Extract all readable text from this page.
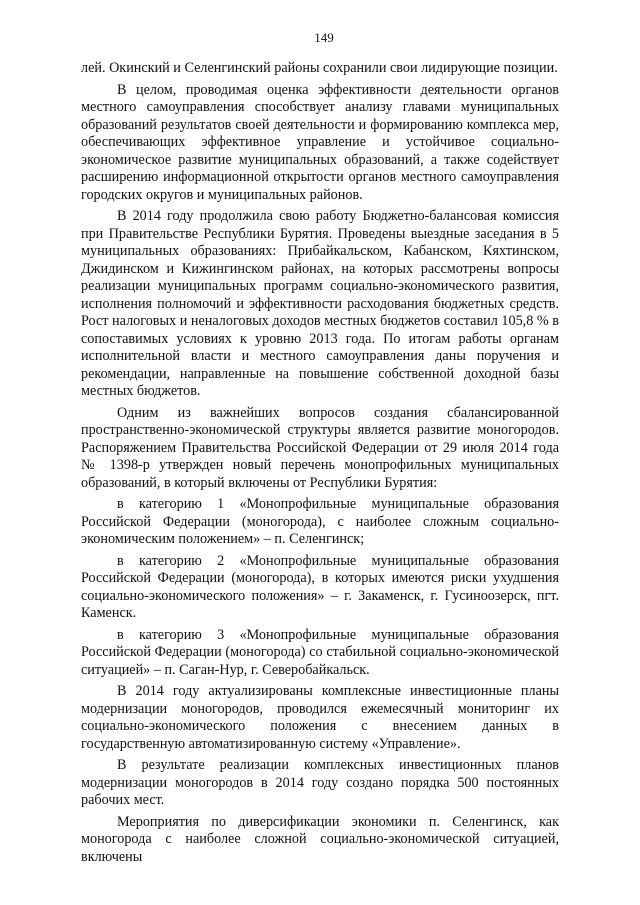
149

лей. Окинский и Селенгинский районы сохранили свои лидирующие позиции.

В целом, проводимая оценка эффективности деятельности органов местного самоуправления способствует анализу главами муниципальных образований результатов своей деятельности и формированию комплекса мер, обеспечивающих эффективное управление и устойчивое социально-экономическое развитие муниципальных образований, а также содействует расширению информационной открытости органов местного самоуправления городских округов и муниципальных районов.

В 2014 году продолжила свою работу Бюджетно-балансовая комиссия при Правительстве Республики Бурятия. Проведены выездные заседания в 5 муниципальных образованиях: Прибайкальском, Кабанском, Кяхтинском, Джидинском и Кижингинском районах, на которых рассмотрены вопросы реализации муниципальных программ социально-экономического развития, исполнения полномочий и эффективности расходования бюджетных средств. Рост налоговых и неналоговых доходов местных бюджетов составил 105,8 % в сопоставимых условиях к уровню 2013 года. По итогам работы органам исполнительной власти и местного самоуправления даны поручения и рекомендации, направленные на повышение собственной доходной базы местных бюджетов.

Одним из важнейших вопросов создания сбалансированной пространственно-экономической структуры является развитие моногородов. Распоряжением Правительства Российской Федерации от 29 июля 2014 года № 1398-р утвержден новый перечень монопрофильных муниципальных образований, в который включены от Республики Бурятия:

в категорию 1 «Монопрофильные муниципальные образования Российской Федерации (моногорода), с наиболее сложным социально-экономическим положением» – п. Селенгинск;

в категорию 2 «Монопрофильные муниципальные образования Российской Федерации (моногорода), в которых имеются риски ухудшения социально-экономического положения» – г. Закаменск, г. Гусиноозерск, пгт. Каменск.

в категорию 3 «Монопрофильные муниципальные образования Российской Федерации (моногорода) со стабильной социально-экономической ситуацией» – п. Саган-Нур, г. Северобайкальск.

В 2014 году актуализированы комплексные инвестиционные планы модернизации моногородов, проводился ежемесячный мониторинг их социально-экономического положения с внесением данных в государственную автоматизированную систему «Управление».

В результате реализации комплексных инвестиционных планов модернизации моногородов в 2014 году создано порядка 500 постоянных рабочих мест.

Мероприятия по диверсификации экономики п. Селенгинск, как моногорода с наиболее сложной социально-экономической ситуацией, включены
